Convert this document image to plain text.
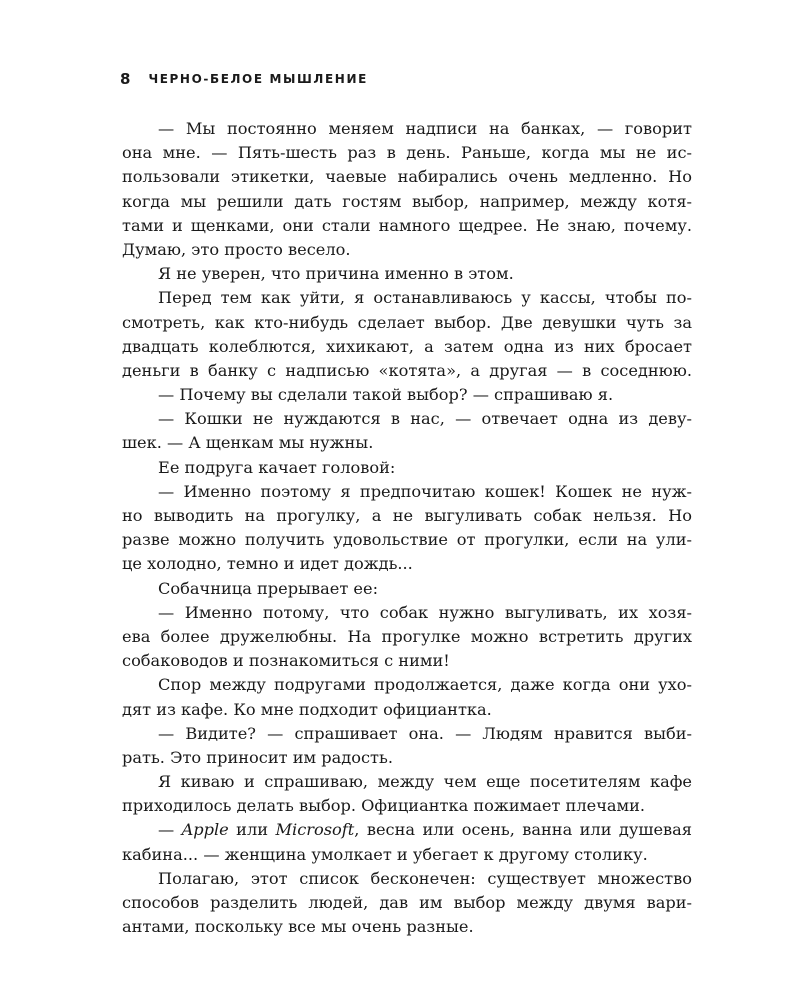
8 ЧЕРНО-БЕЛОЕ МЫШЛЕНИЕ
— Мы постоянно меняем надписи на банках, — говорит
она мне. — Пять-шесть раз в день. Раньше, когда мы не ис-
пользовали этикетки, чаевые набирались очень медленно. Но
когда мы решили дать гостям выбор, например, между котя-
тами и щенками, они стали намного щедрее. Не знаю, почему.
Думаю, это просто весело.
Я не уверен, что причина именно в этом.
Перед тем как уйти, я останавливаюсь у кассы, чтобы по-
смотреть, как кто-нибудь сделает выбор. Две девушки чуть за
двадцать колеблются, хихикают, а затем одна из них бросает
деньги в банку с надписью «котята», а другая — в соседнюю.
— Почему вы сделали такой выбор? — спрашиваю я.
— Кошки не нуждаются в нас, — отвечает одна из деву-
шек. — А щенкам мы нужны.
Ее подруга качает головой:
— Именно поэтому я предпочитаю кошек! Кошек не нуж-
но выводить на прогулку, а не выгуливать собак нельзя. Но
разве можно получить удовольствие от прогулки, если на ули-
це холодно, темно и идет дождь...
Собачница прерывает ее:
— Именно потому, что собак нужно выгуливать, их хозя-
ева более дружелюбны. На прогулке можно встретить других
собаководов и познакомиться с ними!
Спор между подругами продолжается, даже когда они ухо-
дят из кафе. Ко мне подходит официантка.
— Видите? — спрашивает она. — Людям нравится выби-
рать. Это приносит им радость.
Я киваю и спрашиваю, между чем еще посетителям кафе
приходилось делать выбор. Официантка пожимает плечами.
— Apple или Microsoft, весна или осень, ванна или душевая
кабина... — женщина умолкает и убегает к другому столику.
Полагаю, этот список бесконечен: существует множество
способов разделить людей, дав им выбор между двумя вари-
антами, поскольку все мы очень разные.
